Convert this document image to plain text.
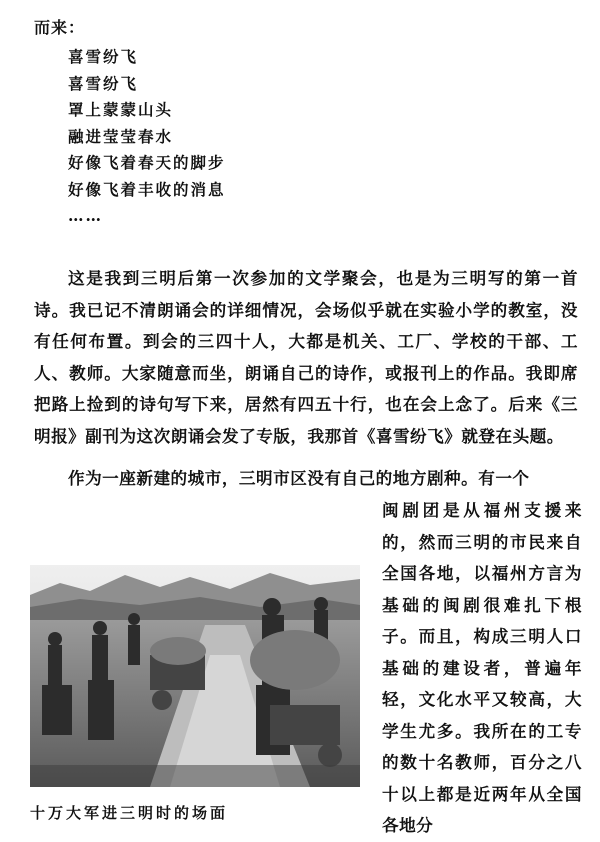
而来：
喜雪纷飞
喜雪纷飞
罩上蒙蒙山头
融进莹莹春水
好像飞着春天的脚步
好像飞着丰收的消息
……

这是我到三明后第一次参加的文学聚会，也是为三明写的第一首诗。我已记不清朗诵会的详细情况，会场似乎就在实验小学的教室，没有任何布置。到会的三四十人，大都是机关、工厂、学校的干部、工人、教师。大家随意而坐，朗诵自己的诗作，或报刊上的作品。我即席把路上捡到的诗句写下来，居然有四五十行，也在会上念了。后来《三明报》副刊为这次朗诵会发了专版，我那首《喜雪纷飞》就登在头题。

作为一座新建的城市，三明市区没有自己的地方剧种。有一个

闽剧团是从福州支援来的，然而三明的市民来自全国各地，以福州方言为基础的闽剧很难扎下根子。而且，构成三明人口基础的建设者，普遍年轻，文化水平又较高，大学生尤多。我所在的工专的数十名教师，百分之八十以上都是近两年从全国各地分

十万大军进三明时的场面
